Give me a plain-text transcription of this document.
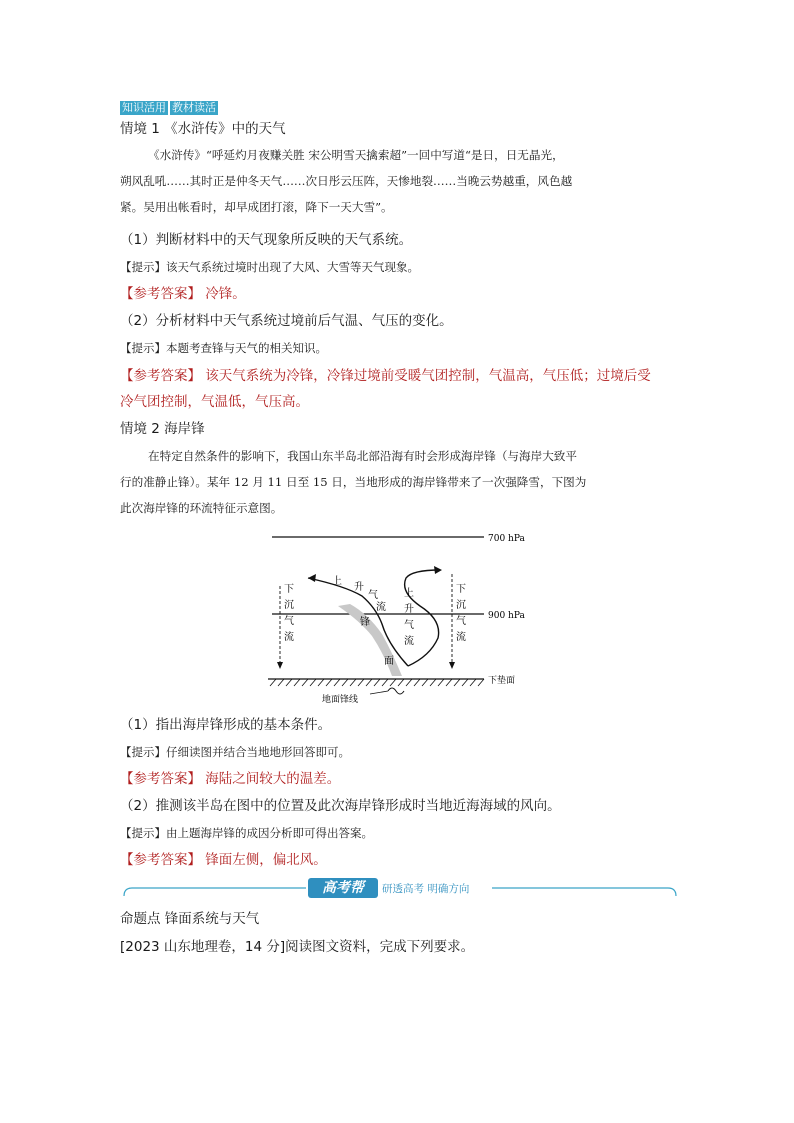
知识活用 教材读活
情境 1 《水浒传》中的天气
《水浒传》“呼延灼月夜赚关胜 宋公明雪天擒索超”一回中写道“是日，日无晶光，
朔风乱吼……其时正是仲冬天气……次日彤云压阵，天惨地裂……当晚云势越重，风色越
紧。吴用出帐看时，却早成团打滚，降下一天大雪”。
（1）判断材料中的天气现象所反映的天气系统。
【提示】该天气系统过境时出现了大风、大雪等天气现象。
【参考答案】 冷锋。
（2）分析材料中天气系统过境前后气温、气压的变化。
【提示】本题考查锋与天气的相关知识。
【参考答案】 该天气系统为冷锋，冷锋过境前受暖气团控制，气温高，气压低；过境后受
冷气团控制，气温低，气压高。
情境 2 海岸锋
在特定自然条件的影响下，我国山东半岛北部沿海有时会形成海岸锋（与海岸大致平
行的准静止锋）。某年 12 月 11 日至 15 日，当地形成的海岸锋带来了一次强降雪，下图为
此次海岸锋的环流特征示意图。
700 hPa
900 hPa
下垫面
地面锋线
下
沉
气
流
下
沉
气
流
上
升
气
流
上
升
气
流
锋
面
（1）指出海岸锋形成的基本条件。
【提示】仔细读图并结合当地地形回答即可。
【参考答案】 海陆之间较大的温差。
（2）推测该半岛在图中的位置及此次海岸锋形成时当地近海海域的风向。
【提示】由上题海岸锋的成因分析即可得出答案。
【参考答案】 锋面左侧，偏北风。
高考帮	研透高考 明确方向
命题点 锋面系统与天气
[2023 山东地理卷，14 分]阅读图文资料，完成下列要求。
